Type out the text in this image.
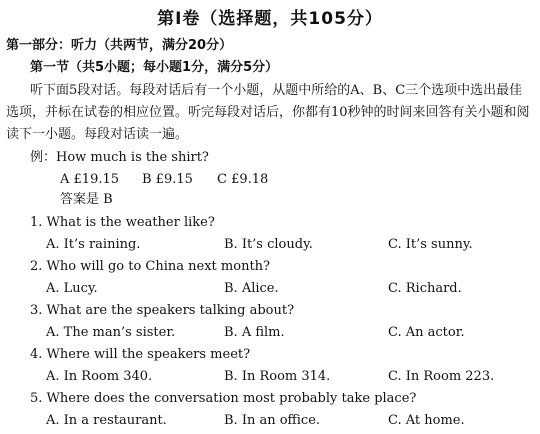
第Ⅰ卷（选择题，共105分）
第一部分：听力（共两节，满分20分）
第一节（共5小题；每小题1分，满分5分）
听下面5段对话。每段对话后有一个小题，从题中所给的A、B、C三个选项中选出最佳选项，并标在试卷的相应位置。听完每段对话后，你都有10秒钟的时间来回答有关小题和阅读下一小题。每段对话读一遍。
例：How much is the shirt?
A £19.15 B £9.15 C £9.18
答案是 B
1. What is the weather like?
A. It’s raining.	B. It’s cloudy.	C. It’s sunny.
2. Who will go to China next month?
A. Lucy.	B. Alice.	C. Richard.
3. What are the speakers talking about?
A. The man’s sister.	B. A film.	C. An actor.
4. Where will the speakers meet?
A. In Room 340.	B. In Room 314.	C. In Room 223.
5. Where does the conversation most probably take place?
A. In a restaurant.	B. In an office.	C. At home.
